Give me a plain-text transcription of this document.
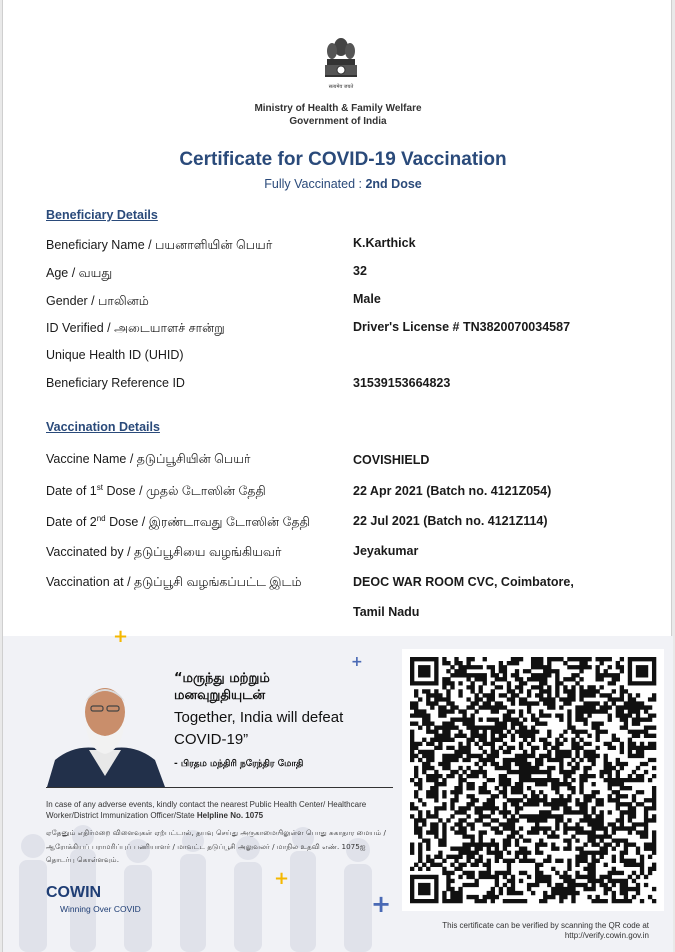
सत्यमेव जयते
Ministry of Health & Family Welfare
Government of India
Certificate for COVID-19 Vaccination
Fully Vaccinated : 2nd Dose
Beneficiary Details
Beneficiary Name / பயனாளியின் பெயர்	K.Karthick
Age / வயது	32
Gender / பாலினம்	Male
ID Verified / அடையாளச் சான்று	Driver's License # TN3820070034587
Unique Health ID (UHID)
Beneficiary Reference ID	31539153664823
Vaccination Details
Vaccine Name / தடுப்பூசியின் பெயர்	COVISHIELD
Date of 1st Dose / முதல் டோஸின் தேதி	22 Apr 2021 (Batch no. 4121Z054)
Date of 2nd Dose / இரண்டாவது டோஸின் தேதி	22 Jul 2021 (Batch no. 4121Z114)
Vaccinated by / தடுப்பூசியை வழங்கியவர்	Jeyakumar
Vaccination at / தடுப்பூசி வழங்கப்பட்ட இடம்	DEOC WAR ROOM CVC, Coimbatore,
Tamil Nadu
+
+
+
+
“மருந்து மற்றும்
மனவுறுதியுடன்
Together, India will defeat
COVID-19”
- பிரதம மந்திரி நரேந்திர மோதி
In case of any adverse events, kindly contact the nearest Public Health Center/ Healthcare Worker/District Immunization Officer/State Helpline No. 1075
ஏதேனும் எதிர்மறை விளைவுகள் ஏற்பட்டால், தயவு செய்து அருகாமையிலுள்ள பொது சுகாதார மையம் / ஆரோக்கியப் பராமரிப்புப் பணியாளர் / மாவட்ட தடுப்பூசி அலுவலர் / மாநில உதவி எண். 1075ஐ தொடர்பு கொள்ளவும்.
COWIN
Winning Over COVID
This certificate can be verified by scanning the QR code at
http://verify.cowin.gov.in
